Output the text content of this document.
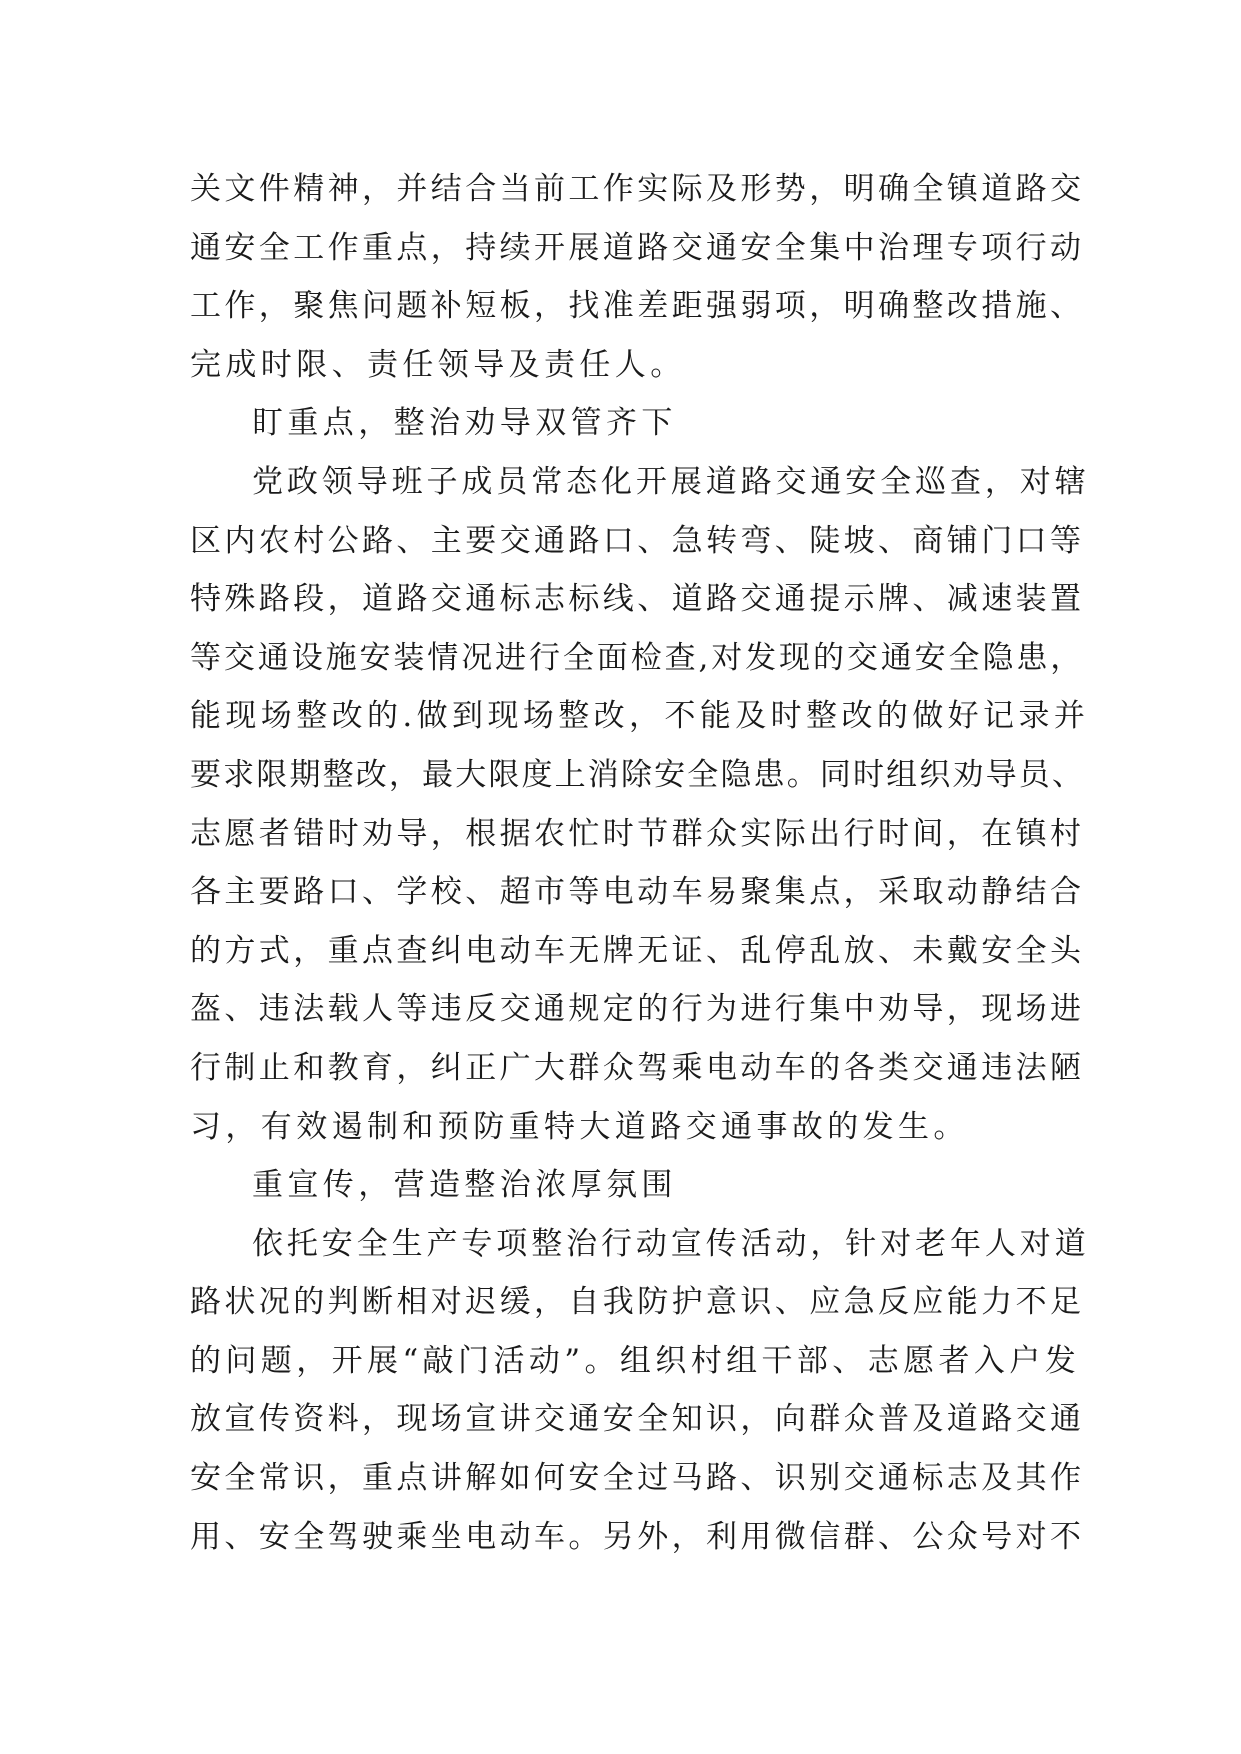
关文件精神，并结合当前工作实际及形势，明确全镇道路交
通安全工作重点，持续开展道路交通安全集中治理专项行动
工作，聚焦问题补短板，找准差距强弱项，明确整改措施、
完成时限、责任领导及责任人。
盯重点，整治劝导双管齐下
党政领导班子成员常态化开展道路交通安全巡查，对辖
区内农村公路、主要交通路口、急转弯、陡坡、商铺门口等
特殊路段，道路交通标志标线、道路交通提示牌、减速装置
等交通设施安装情况进行全面检查,对发现的交通安全隐患，
能现场整改的.做到现场整改，不能及时整改的做好记录并
要求限期整改，最大限度上消除安全隐患。同时组织劝导员、
志愿者错时劝导，根据农忙时节群众实际出行时间，在镇村
各主要路口、学校、超市等电动车易聚集点，采取动静结合
的方式，重点查纠电动车无牌无证、乱停乱放、未戴安全头
盔、违法载人等违反交通规定的行为进行集中劝导，现场进
行制止和教育，纠正广大群众驾乘电动车的各类交通违法陋
习，有效遏制和预防重特大道路交通事故的发生。
重宣传，营造整治浓厚氛围
依托安全生产专项整治行动宣传活动，针对老年人对道
路状况的判断相对迟缓，自我防护意识、应急反应能力不足
的问题，开展“敲门活动”。组织村组干部、志愿者入户发
放宣传资料，现场宣讲交通安全知识，向群众普及道路交通
安全常识，重点讲解如何安全过马路、识别交通标志及其作
用、安全驾驶乘坐电动车。另外，利用微信群、公众号对不
